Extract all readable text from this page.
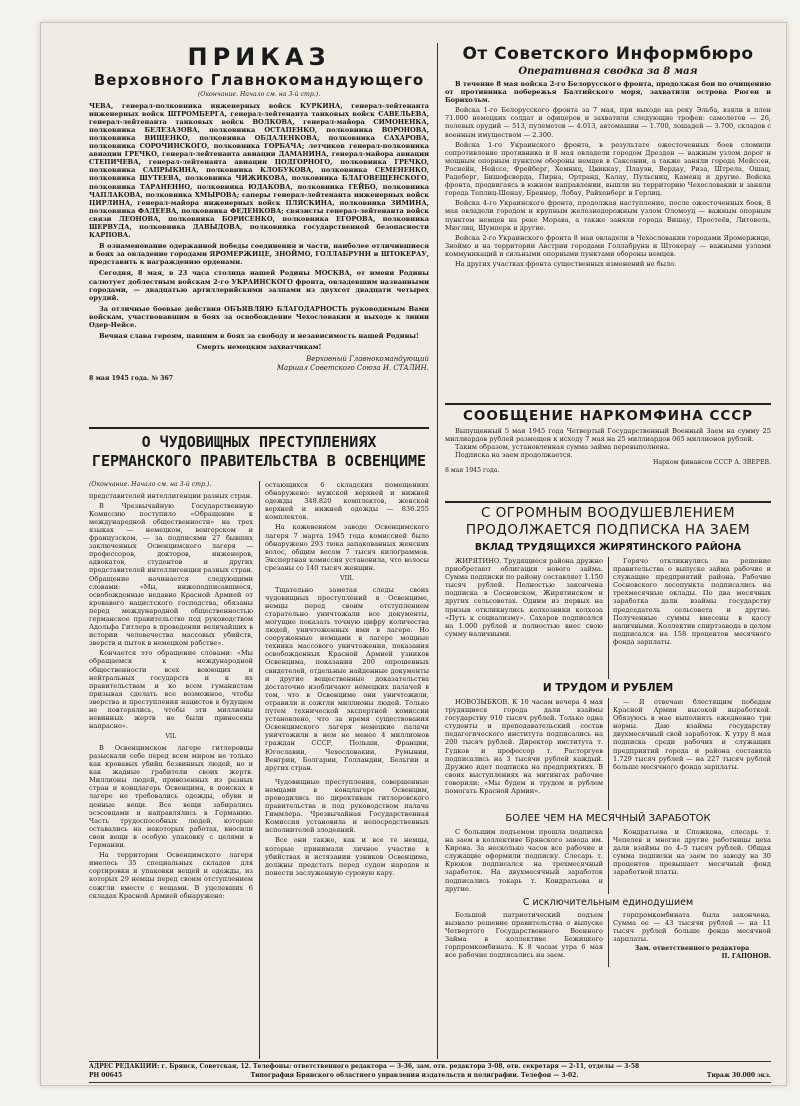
ПРИКАЗ
Верховного Главнокомандующего
(Окончание. Начало см. на 3-й стр.).

ЧЕВА, генерал-полковника инженерных войск КУРКИНА, генерал-лейтенанта инженерных войск ШТРОМБЕРГА, генерал-лейтенанта танковых войск САВЕЛЬЕВА, генерал-лейтенанта танковых войск ВОЛКОВА, генерал-майора СИМОНЕНКА, полковника БЕЛЕЗАЗОВА, полковника ОСТАПЕНКО, полковника ВОРОНОВА, полковника ВИЩЕНКО, полковника ОБДАЛЕНКОВА, полковника САХАРОВА, полковника СОРОЧИНСКОГО, полковника ГОРБАЧА; летчиков генерал-полковника авиации ГРЕЧКО, генерал-лейтенанта авиации ДАМАНИНА, генерал-майора авиации СТЕПИЧЕВА, генерал-лейтенанта авиации ПОДГОРНОГО, полковника ГРЕЧКО, полковника САПРЫКИНА, полковника КЛОБУКОВА, полковника СЕМЕНЕНКО, полковника ШУТЕЕВА, полковника ЧИЖИКОВА, полковника БЛАГОВЕЩЕНСКОГО, полковника ТАРАНЕННО, полковника ЮДАКОВА, полковника ГЕЙБО, полковника ЧАПЛАКОВА, полковника ХМЫРОВА; саперы генерал-лейтенанта инженерных войск ЦИРЛИНА, генерал-майора инженерных войск ПЛЯСКИНА, полковника ЗИМИНА, полковника ФАДЕЕВА, полковника ФЕДЕНКОВА; связисты генерал-лейтенанта войск связи ЛЕОНОВА, полковника БОРИСЕНКО, полковника ЕГОРОВА, полковника ШЕРВУДА, полковника ДАВЫДОВА, полковника государственной безопасности КАРПОВА.

В ознаменование одержанной победы соединения и части, наиболее отличившиеся в боях за овладение городами ЯРОМЕРЖИЦЕ, ЗНОЙМО, ГОЛЛАБРУНН и ШТОКЕРАУ, представить к награждению орденами.

Сегодня, 8 мая, в 23 часа столица нашей Родины МОСКВА, от имени Родины салютует доблестным войскам 2-го УКРАИНСКОГО фронта, овладевшим названными городами, — двадцатью артиллерийскими залпами из двухсот двадцати четырех орудий.

За отличные боевые действия ОБЪЯВЛЯЮ БЛАГОДАРНОСТЬ руководимым Вами войскам, участвовавшим в боях за освобождение Чехословакии и выходе к линии Одер-Нейсе.

Вечная слава героям, павшим в боях за свободу и независимость нашей Родины!

Смерть немецким захватчикам!

Верховный Главнокомандующий
Маршал Советского Союза И. СТАЛИН.
8 мая 1945 года. № 367
О ЧУДОВИЩНЫХ ПРЕСТУПЛЕНИЯХ ГЕРМАНСКОГО ПРАВИТЕЛЬСТВА В ОСВЕНЦИМЕ
(Окончание. Начало см. на 3-й стр.).

представителей интеллигенции разных стран.

В Чрезвычайную Государственную Комиссию поступило «Обращение к международной общественности» на трех языках — немецком, венгерском и французском, — за подписями 27 бывших заключенных Освенцимского лагеря — профессоров, докторов, инженеров, адвокатов, студентов и других представителей интеллигенции разных стран. Обращение начинается следующими словами: «Мы, нижеподписавшиеся, освобожденные недавно Красной Армией от кровавого нацистского господства, обязаны перед международной общественностью германское правительство под руководством Адольфа Гитлера в проведении величайших в истории человечества массовых убийств, зверств и пыток в немецком рабстве».

Кончается это обращение словами: «Мы обращаемся к международной общественности всех воюющих и нейтральных государств и к их правительствам и ко всем гуманистам призывая сделать все возможное, чтобы зверства и преступления нацистов в будущем не повторялись, чтобы эти миллионы невинных жертв не были принесены напрасно».

VII.

В Освенцимском лагере гитлеровцы разыскали себе перед всем миром не только как кровавых убийц безвинных людей, но и как жадные грабители своих жертв. Миллионы людей, привезенных из разных стран и концлагерь Освенцима, в поисках в лагере не требовались одежды, обуви и ценные вещи. Все вещи забирались эсэсовцами и направлялись в Германию. Часть трудоспособных людей, которые оставались на некоторых работах, вносили свои вещи в особую упаковку с целями в Германии.

На территории Освенцимского лагеря имелось 35 специальных складов для сортировки и упаковки вещей и одежды, из которых 29 немцы перед своим отступлением сожгли вместе с вещами. В уцелевших 6 складах Красной Армией обнаружено:

остающихся 6 складских помещениях обнаружено: мужской верхней и нижней одежды 348.820 комплектов, женской верхней и нижней одежды — 836.255 комплектов.

На кожевенном заводе Освенцимского лагеря 7 марта 1945 года комиссией было обнаружено 293 тюка запакованных женских волос, общим весом 7 тысяч килограммов. Экспертная комиссия установила, что волосы срезаны со 140 тысяч женщин.

VIII.

Тщательно заметая следы своих чудовищных преступлений в Освенциме, немцы перед своим отступлением старательно уничтожали все документы, могущие показать точную цифру количества людей, уничтоженных ими в лагере. Но сооруженные немцами в лагере мощные техника массового уничтожения, показания освобожденных Красной Армией узников Освенцима, показания 200 опрошенных свидетелей, отдельные найденные документы и другие вещественные доказательства достаточно изобличают немецких палачей в том, что в Освенциме они уничтожили, отравили и сожгли миллионы людей. Только путем технической экспертной комиссии установлено, что за время существования Освенцимского лагеря немецкие палачи уничтожили в нем не менее 4 миллионов граждан СССР, Польши, Франции, Югославии, Чехословакии, Румынии, Венгрии, Болгарии, Голландии, Бельгии и других стран.

Чудовищные преступления, совершенные немцами в концлагере Освенцим, проводились по директивам гитлеровского правительства и под руководством палача Гиммлера. Чрезвычайная Государственная Комиссия установила и непосредственных исполнителей злодеяний.

Все они также, как и все те немцы, которые принимали личное участие в убийствах и истязании узников Освенцима, должны предстать перед судом народов и понести заслуженную суровую кару.

От Советского Информбюро
Оперативная сводка за 8 мая

В течение 8 мая войска 2-го Белорусского фронта, продолжая бои по очищению от противника побережья Балтийского моря, захватили острова Рюген и Борнхольм.

Войска 1-го Белорусского фронта за 7 мая, при выходе на реку Эльба, взяли в плен 71.000 немецких солдат и офицеров и захватили следующие трофеи: самолетов — 26, полевых орудий — 513, пулеметов — 4.013, автомашин — 1.700, лошадей — 3.700, складов с военным имуществом — 2.300.

Войска 1-го Украинского фронта, в результате ожесточенных боев сломили сопротивление противника и 8 мая овладели городом Дрезден — важным узлом дорог и мощным опорным пунктом обороны немцев в Саксонии, а также заняли города Мейссен, Роснейн, Нейссе, Фрейберг, Хемниц, Цвиккау, Плауэн, Вердау, Риза, Штрела, Ошац, Радеберг, Бишофсверда, Пирна, Ортранд, Калау, Пульсниц, Каменц и другие. Войска фронта, продвигаясь в южном направлении, вышли на территорию Чехословакии и заняли города Теплиц-Шенау, Бреннер, Лобау, Райхенберг и Герлиц.

Войска 4-го Украинского фронта, продолжая наступление, после ожесточенных боев, 8 мая овладели городом и крупным железнодорожным узлом Оломоуц — важным опорным пунктом немцев на реке Морава, а также заняли города Вишау, Простеёв, Литовель, Мюглиц, Шумперк и другие.

Войска 2-го Украинского фронта 8 мая овладели в Чехословакии городами Яромержице, Зноймо и на территории Австрии городами Голлабрунн и Штокерау — важными узлами коммуникаций и сильными опорными пунктами обороны немцев.

На других участках фронта существенных изменений не было.

СООБЩЕНИЕ НАРКОМФИНА СССР

Выпущенный 5 мая 1945 года Четвертый Государственный Военный Заем на сумму 25 миллиардов рублей размещен к исходу 7 мая на 25 миллиардов 065 миллионов рублей.

Таким образом, установленная сумма займа перевыполнена.

Подписка на заем продолжается.

Нарком финансов СССР А. ЗВЕРЕВ.
8 мая 1945 года.
С ОГРОМНЫМ ВООДУШЕВЛЕНИЕМ ПРОДОЛЖАЕТСЯ ПОДПИСКА НА ЗАЕМ
ВКЛАД ТРУДЯЩИХСЯ ЖИРЯТИНСКОГО РАЙОНА

ЖИРЯТИНО. Трудящиеся района дружно приобретают облигации нового займа. Сумма подписки по району составляет 1.150 тысяч рублей. Полностью закончена подписка в Сосновском, Жирятинском и других сельсоветах. Одним из первых на призыв откликнулись колхозники колхоза «Путь к социализму». Сахаров подписался на 1.000 рублей и полностью внес свою сумму наличными.

Горячо откликнулись на решение правительства о выпуске займа рабочие и служащие предприятий района. Рабочие Сосновского лесопункта подписались на трехмесячные оклады. По два месячных заработка дали взаймы государству председатель сельсовета и другие. Полученные суммы внесены в кассу наличными. Коллектив спиртзавода в целом подписался на 158 процентов месячного фонда зарплаты.

И ТРУДОМ И РУБЛЕМ

НОВОЗЫБКОВ. К 10 часам вечера 4 мая трудящиеся города дали взаймы государству 910 тысяч рублей. Только одна студенты и преподавательский состав педагогического института подписались на 200 тысяч рублей. Директор института т. Гудков и профессор т. Расторгуев подписались на 3 тысячи рублей каждый. Дружно идет подписка на предприятиях. В своих выступлениях на митингах рабочие говорили: «Мы будем и трудом и рублем помогать Красной Армии».

— Я отвечаю блестящим победам Красной Армии высокой выработкой. Обязуюсь в мае выполнять ежедневно три нормы. Даю взаймы государству двухмесячный свой заработок. К утру 8 мая подписка среди рабочих и служащих предприятий города и района составила 1.729 тысяч рублей — на 227 тысяч рублей больше месячного фонда зарплаты.

БОЛЕЕ ЧЕМ НА МЕСЯЧНЫЙ ЗАРАБОТОК

С большим подъемом прошла подписка на заем в коллективе Брянского завода им. Кирова. За несколько часов все рабочие и служащие оформили подписку. Слесарь т. Крюков подписался на трехмесячный заработок. На двухмесячный заработок подписались токарь т. Кондратьева и другие.

Кондратьева и Спожкова, слесарь т. Чепелев и многие другие работницы цеха дали взаймы по 4–5 тысяч рублей. Общая сумма подписки на заем по заводу на 30 процентов превышает месячный фонд заработной платы.

С исключительным единодушием

Большой патриотический подъем вызвало решение правительства о выпуске Четвертого Государственного Военного Займа в коллективе Бежицкого горпромкомбината. К 8 часам утра 6 мая все рабочие подписались на заем.

горпромкомбината была закончена. Сумма ее — 43 тысячи рублей — на 11 тысяч рублей больше фонда месячной зарплаты.

Зам. ответственного редактора
П. ГАПОНОВ.
АДРЕС РЕДАКЦИИ: г. Брянск, Советская, 12. Телефоны: ответственного редактора — 3-36, зам. отв. редактора 3-08, отв. секретаря — 2-11, отделы — 3-58
РН 00645	Типография Брянского областного управления издательств и полиграфии. Телефон — 3-02.	Тираж 30.000 экз.
